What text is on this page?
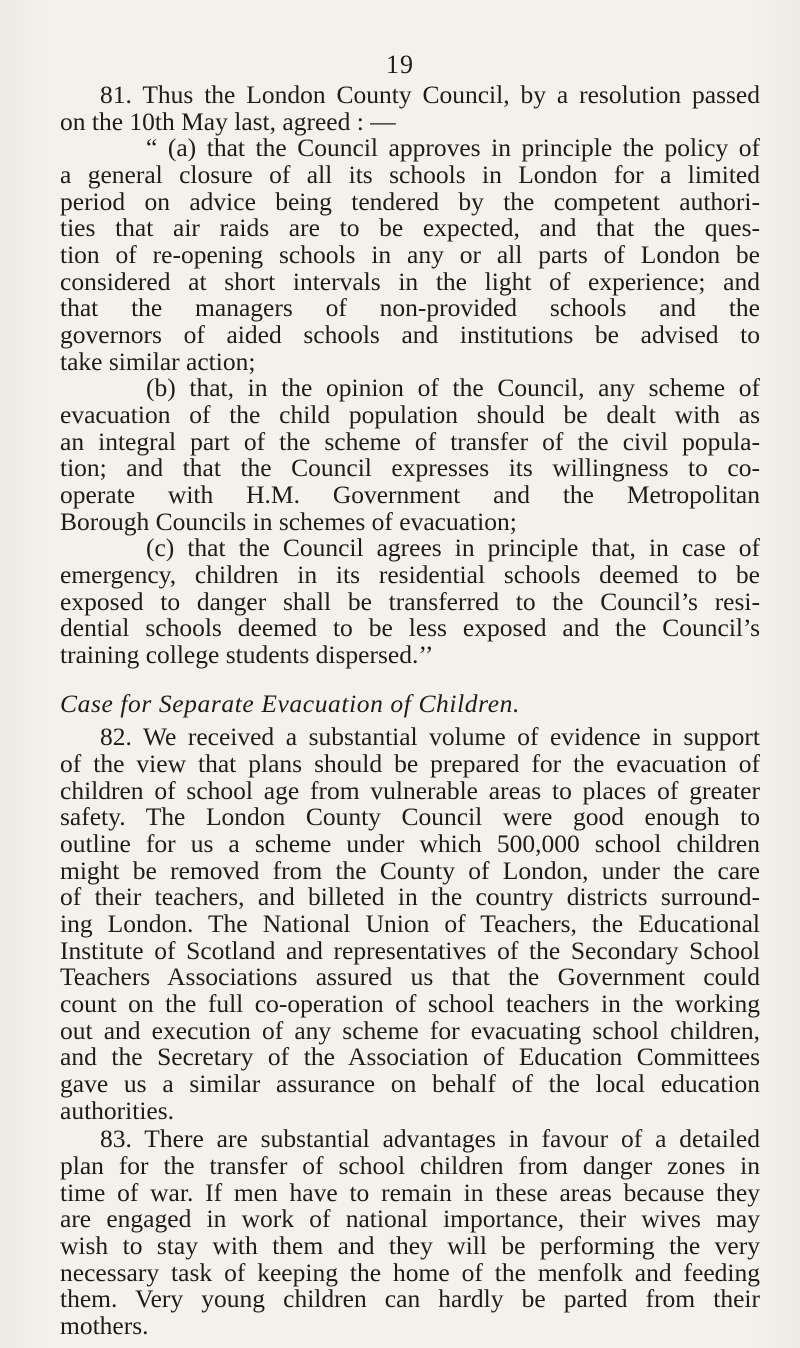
19
81. Thus the London County Council, by a resolution passed
on the 10th May last, agreed : —
“ (a) that the Council approves in principle the policy of
a general closure of all its schools in London for a limited
period on advice being tendered by the competent authori-
ties that air raids are to be expected, and that the ques-
tion of re-opening schools in any or all parts of London be
considered at short intervals in the light of experience; and
that the managers of non-provided schools and the
governors of aided schools and institutions be advised to
take similar action;
(b) that, in the opinion of the Council, any scheme of
evacuation of the child population should be dealt with as
an integral part of the scheme of transfer of the civil popula-
tion; and that the Council expresses its willingness to co-
operate with H.M. Government and the Metropolitan
Borough Councils in schemes of evacuation;
(c) that the Council agrees in principle that, in case of
emergency, children in its residential schools deemed to be
exposed to danger shall be transferred to the Council’s resi-
dential schools deemed to be less exposed and the Council’s
training college students dispersed.’’
Case for Separate Evacuation of Children.
82. We received a substantial volume of evidence in support
of the view that plans should be prepared for the evacuation of
children of school age from vulnerable areas to places of greater
safety. The London County Council were good enough to
outline for us a scheme under which 500,000 school children
might be removed from the County of London, under the care
of their teachers, and billeted in the country districts surround-
ing London. The National Union of Teachers, the Educational
Institute of Scotland and representatives of the Secondary School
Teachers Associations assured us that the Government could
count on the full co-operation of school teachers in the working
out and execution of any scheme for evacuating school children,
and the Secretary of the Association of Education Committees
gave us a similar assurance on behalf of the local education
authorities.
83. There are substantial advantages in favour of a detailed
plan for the transfer of school children from danger zones in
time of war. If men have to remain in these areas because they
are engaged in work of national importance, their wives may
wish to stay with them and they will be performing the very
necessary task of keeping the home of the menfolk and feeding
them. Very young children can hardly be parted from their
mothers.
